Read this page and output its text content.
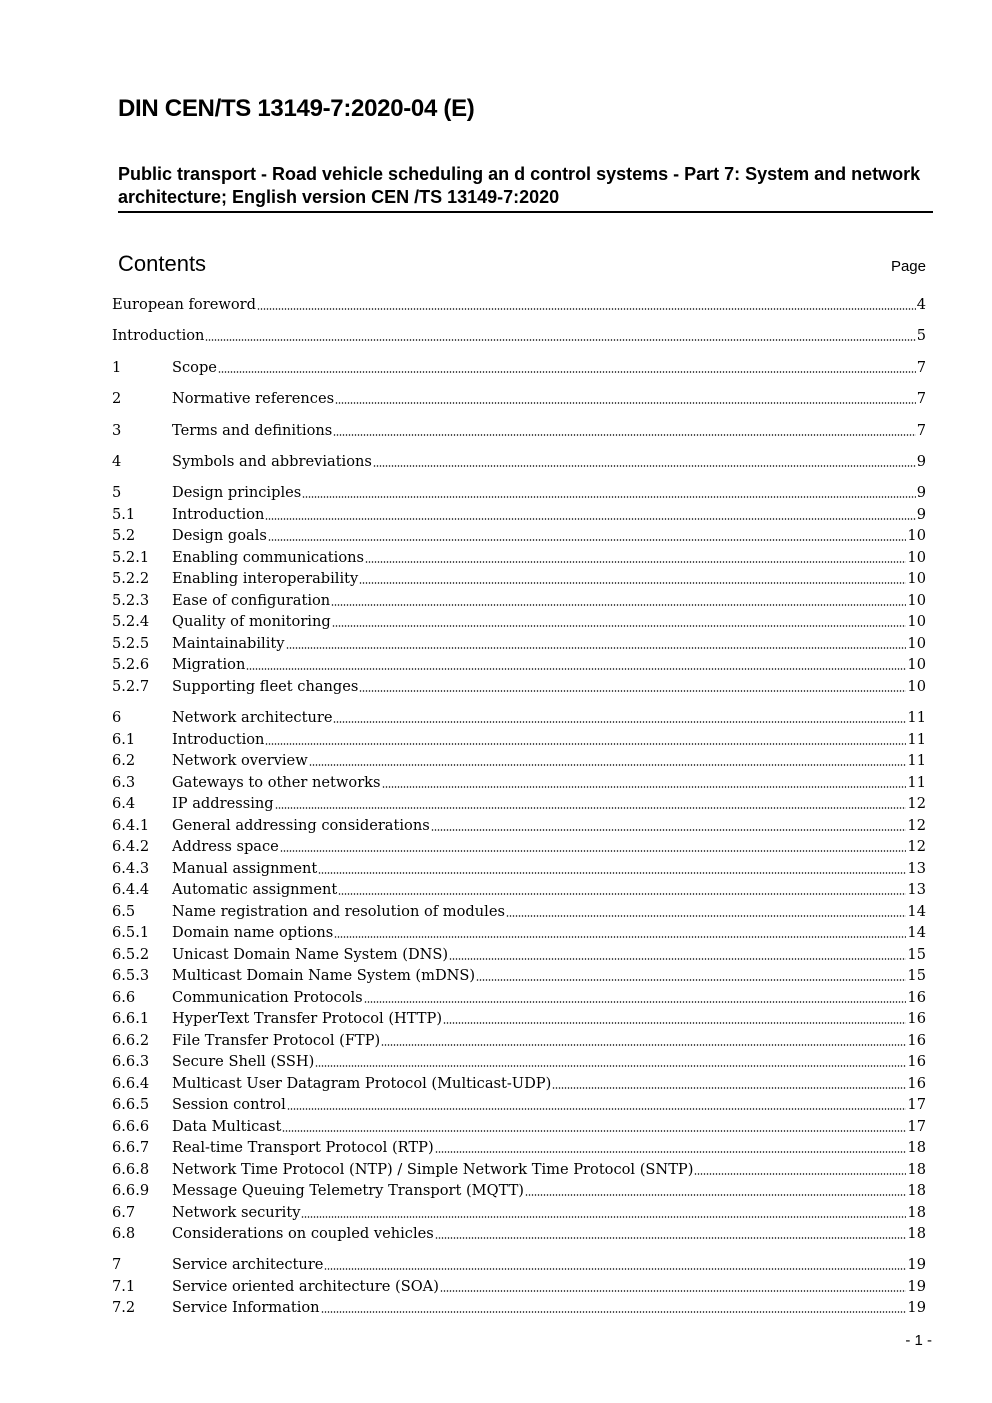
DIN CEN/TS 13149-7:2020-04 (E)
Public transport - Road vehicle scheduling an d control systems - Part 7: System and network architecture; English version CEN /TS 13149-7:2020
Contents	Page
European foreword	4
Introduction	5
1	Scope	7
2	Normative references	7
3	Terms and definitions	7
4	Symbols and abbreviations	9
5	Design principles	9
5.1	Introduction	9
5.2	Design goals	10
5.2.1	Enabling communications	10
5.2.2	Enabling interoperability	10
5.2.3	Ease of configuration	10
5.2.4	Quality of monitoring	10
5.2.5	Maintainability	10
5.2.6	Migration	10
5.2.7	Supporting fleet changes	10
6	Network architecture	11
6.1	Introduction	11
6.2	Network overview	11
6.3	Gateways to other networks	11
6.4	IP addressing	12
6.4.1	General addressing considerations	12
6.4.2	Address space	12
6.4.3	Manual assignment	13
6.4.4	Automatic assignment	13
6.5	Name registration and resolution of modules	14
6.5.1	Domain name options	14
6.5.2	Unicast Domain Name System (DNS)	15
6.5.3	Multicast Domain Name System (mDNS)	15
6.6	Communication Protocols	16
6.6.1	HyperText Transfer Protocol (HTTP)	16
6.6.2	File Transfer Protocol (FTP)	16
6.6.3	Secure Shell (SSH)	16
6.6.4	Multicast User Datagram Protocol (Multicast-UDP)	16
6.6.5	Session control	17
6.6.6	Data Multicast	17
6.6.7	Real-time Transport Protocol (RTP)	18
6.6.8	Network Time Protocol (NTP) / Simple Network Time Protocol (SNTP)	18
6.6.9	Message Queuing Telemetry Transport (MQTT)	18
6.7	Network security	18
6.8	Considerations on coupled vehicles	18
7	Service architecture	19
7.1	Service oriented architecture (SOA)	19
7.2	Service Information	19
- 1 -
